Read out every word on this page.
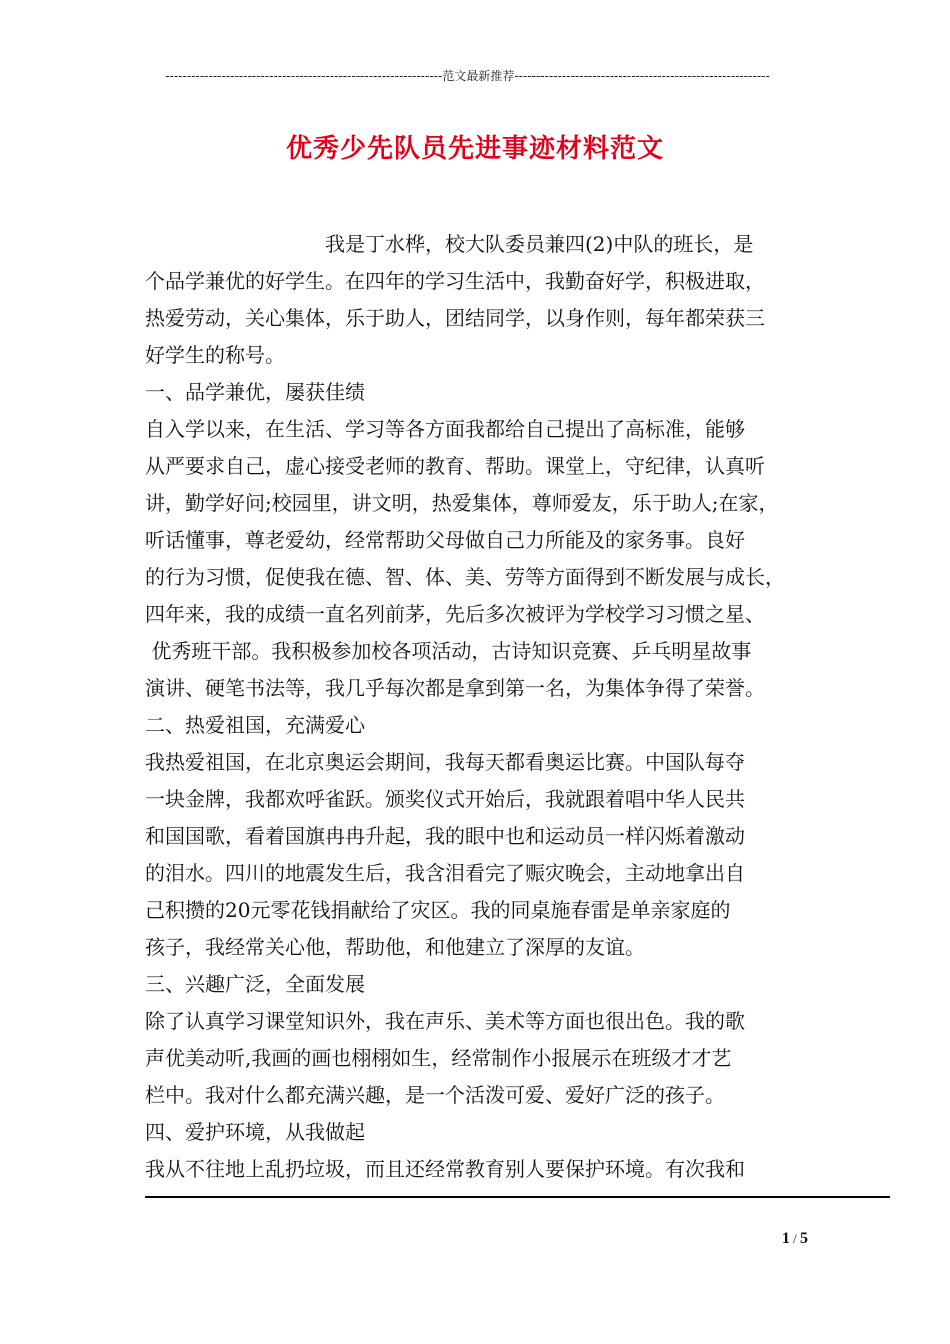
----------------------------------------------------------------范文最新推荐-----------------------------------------------------------
优秀少先队员先进事迹材料范文
我是丁水桦，校大队委员兼四(2)中队的班长，是
个品学兼优的好学生。在四年的学习生活中，我勤奋好学，积极进取，
热爱劳动，关心集体，乐于助人，团结同学，以身作则，每年都荣获三
好学生的称号。
一、品学兼优，屡获佳绩
自入学以来，在生活、学习等各方面我都给自己提出了高标准，能够
从严要求自己，虚心接受老师的教育、帮助。课堂上，守纪律，认真听
讲，勤学好问;校园里，讲文明，热爱集体，尊师爱友，乐于助人;在家，
听话懂事，尊老爱幼，经常帮助父母做自己力所能及的家务事。良好
的行为习惯，促使我在德、智、体、美、劳等方面得到不断发展与成长，
四年来，我的成绩一直名列前茅，先后多次被评为学校学习习惯之星、
优秀班干部。我积极参加校各项活动，古诗知识竞赛、乒乓明星故事
演讲、硬笔书法等，我几乎每次都是拿到第一名，为集体争得了荣誉。
二、热爱祖国，充满爱心
我热爱祖国，在北京奥运会期间，我每天都看奥运比赛。中国队每夺
一块金牌，我都欢呼雀跃。颁奖仪式开始后，我就跟着唱中华人民共
和国国歌，看着国旗冉冉升起，我的眼中也和运动员一样闪烁着激动
的泪水。四川的地震发生后，我含泪看完了赈灾晚会，主动地拿出自
己积攒的20元零花钱捐献给了灾区。我的同桌施春雷是单亲家庭的
孩子，我经常关心他，帮助他，和他建立了深厚的友谊。
三、兴趣广泛，全面发展
除了认真学习课堂知识外，我在声乐、美术等方面也很出色。我的歌
声优美动听,我画的画也栩栩如生，经常制作小报展示在班级才才艺
栏中。我对什么都充满兴趣，是一个活泼可爱、爱好广泛的孩子。
四、爱护环境，从我做起
我从不往地上乱扔垃圾，而且还经常教育别人要保护环境。有次我和
1 / 5
